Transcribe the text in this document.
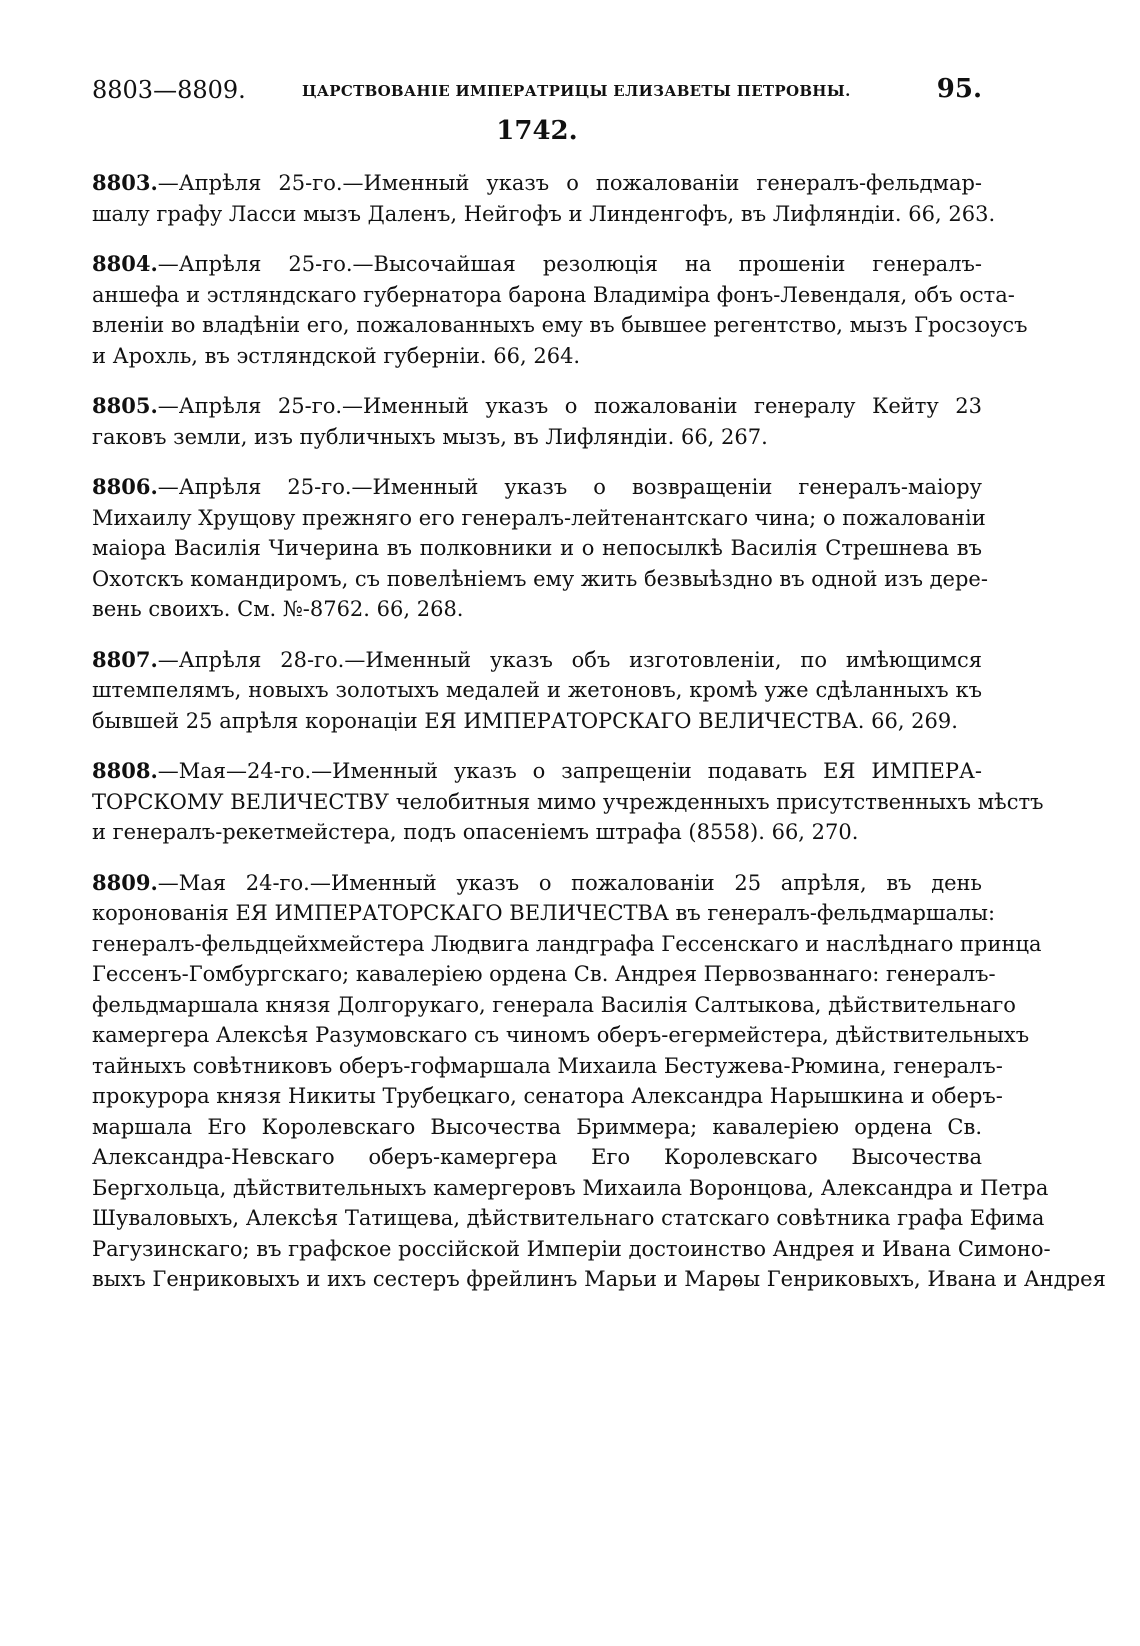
8803—8809.	ЦАРСТВОВАНІЕ ИМПЕРАТРИЦЫ ЕЛИЗАВЕТЫ ПЕТРОВНЫ.	95.
1742.
8803.—Апрѣля 25-го.—Именный указъ о пожалованіи генералъ-фельдмар-
шалу графу Ласси мызъ Даленъ, Нейгофъ и Линденгофъ, въ Лифляндіи. 66, 263.
8804.—Апрѣля 25-го.—Высочайшая резолюція на прошеніи генералъ-
аншефа и эстляндскаго губернатора барона Владиміра фонъ-Левендаля, объ оста-
вленіи во владѣніи его, пожалованныхъ ему въ бывшее регентство, мызъ Гросзоусъ
и Арохль, въ эстляндской губерніи. 66, 264.
8805.—Апрѣля 25-го.—Именный указъ о пожалованіи генералу Кейту 23
гаковъ земли, изъ публичныхъ мызъ, въ Лифляндіи. 66, 267.
8806.—Апрѣля 25-го.—Именный указъ о возвращеніи генералъ-маіору
Михаилу Хрущову прежняго его генералъ-лейтенантскаго чина; о пожалованіи
маіора Василія Чичерина въ полковники и о непосылкѣ Василія Стрешнева въ
Охотскъ командиромъ, съ повелѣніемъ ему жить безвыѣздно въ одной изъ дере-
вень своихъ. См. №-8762. 66, 268.
8807.—Апрѣля 28-го.—Именный указъ объ изготовленіи, по имѣющимся
штемпелямъ, новыхъ золотыхъ медалей и жетоновъ, кромѣ уже сдѣланныхъ къ
бывшей 25 апрѣля коронаціи ЕЯ ИМПЕРАТОРСКАГО ВЕЛИЧЕСТВА. 66, 269.
8808.—Мая—24-го.—Именный указъ о запрещеніи подавать ЕЯ ИМПЕРА-
ТОРСКОМУ ВЕЛИЧЕСТВУ челобитныя мимо учрежденныхъ присутственныхъ мѣстъ
и генералъ-рекетмейстера, подъ опасеніемъ штрафа (8558). 66, 270.
8809.—Мая 24-го.—Именный указъ о пожалованіи 25 апрѣля, въ день
коронованія ЕЯ ИМПЕРАТОРСКАГО ВЕЛИЧЕСТВА въ генералъ-фельдмаршалы:
генералъ-фельдцейхмейстера Людвига ландграфа Гессенскаго и наслѣднаго принца
Гессенъ-Гомбургскаго; кавалеріею ордена Св. Андрея Первозваннаго: генералъ-
фельдмаршала князя Долгорукаго, генерала Василія Салтыкова, дѣйствительнаго
камергера Алексѣя Разумовскаго съ чиномъ оберъ-егермейстера, дѣйствительныхъ
тайныхъ совѣтниковъ оберъ-гофмаршала Михаила Бестужева-Рюмина, генералъ-
прокурора князя Никиты Трубецкаго, сенатора Александра Нарышкина и оберъ-
маршала Его Королевскаго Высочества Бриммера; кавалеріею ордена Св.
Александра-Невскаго оберъ-камергера Его Королевскаго Высочества
Бергхольца, дѣйствительныхъ камергеровъ Михаила Воронцова, Александра и Петра
Шуваловыхъ, Алексѣя Татищева, дѣйствительнаго статскаго совѣтника графа Ефима
Рагузинскаго; въ графское россійской Имперіи достоинство Андрея и Ивана Симоно-
выхъ Генриковыхъ и ихъ сестеръ фрейлинъ Марьи и Марѳы Генриковыхъ, Ивана и Андрея
